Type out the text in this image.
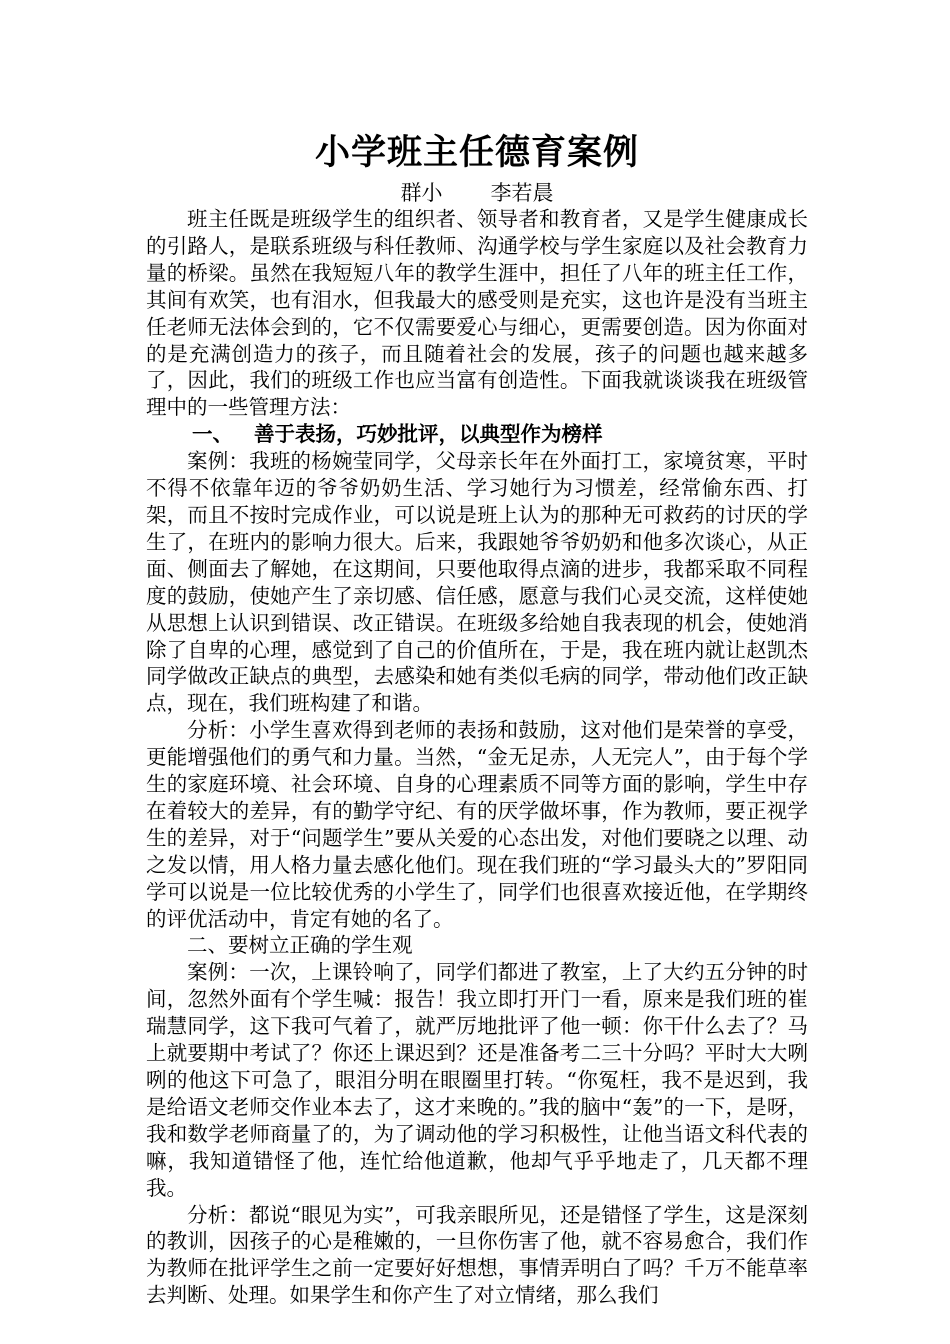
小学班主任德育案例

群小 李若晨

班主任既是班级学生的组织者、领导者和教育者，又是学生健康成长的引路人，是联系班级与科任教师、沟通学校与学生家庭以及社会教育力量的桥梁。虽然在我短短八年的教学生涯中，担任了八年的班主任工作，其间有欢笑，也有泪水，但我最大的感受则是充实，这也许是没有当班主任老师无法体会到的，它不仅需要爱心与细心，更需要创造。因为你面对的是充满创造力的孩子，而且随着社会的发展，孩子的问题也越来越多了，因此，我们的班级工作也应当富有创造性。下面我就谈谈我在班级管理中的一些管理方法：

一、 善于表扬，巧妙批评，以典型作为榜样

案例：我班的杨婉莹同学，父母亲长年在外面打工，家境贫寒，平时不得不依靠年迈的爷爷奶奶生活、学习她行为习惯差，经常偷东西、打架，而且不按时完成作业，可以说是班上认为的那种无可救药的讨厌的学生了，在班内的影响力很大。后来，我跟她爷爷奶奶和他多次谈心，从正面、侧面去了解她，在这期间，只要他取得点滴的进步，我都采取不同程度的鼓励，使她产生了亲切感、信任感，愿意与我们心灵交流，这样使她从思想上认识到错误、改正错误。在班级多给她自我表现的机会，使她消除了自卑的心理，感觉到了自己的价值所在，于是，我在班内就让赵凯杰同学做改正缺点的典型，去感染和她有类似毛病的同学，带动他们改正缺点，现在，我们班构建了和谐。

分析：小学生喜欢得到老师的表扬和鼓励，这对他们是荣誉的享受，更能增强他们的勇气和力量。当然，“金无足赤，人无完人”，由于每个学生的家庭环境、社会环境、自身的心理素质不同等方面的影响，学生中存在着较大的差异，有的勤学守纪、有的厌学做坏事，作为教师，要正视学生的差异，对于“问题学生”要从关爱的心态出发，对他们要晓之以理、动之发以情，用人格力量去感化他们。现在我们班的“学习最头大的”罗阳同学可以说是一位比较优秀的小学生了，同学们也很喜欢接近他，在学期终的评优活动中，肯定有她的名了。

二、要树立正确的学生观

案例：一次，上课铃响了，同学们都进了教室，上了大约五分钟的时间，忽然外面有个学生喊：报告！我立即打开门一看，原来是我们班的崔瑞慧同学，这下我可气着了，就严厉地批评了他一顿：你干什么去了？马上就要期中考试了？你还上课迟到？还是准备考二三十分吗？平时大大咧咧的他这下可急了，眼泪分明在眼圈里打转。“你冤枉，我不是迟到，我是给语文老师交作业本去了，这才来晚的。”我的脑中“轰”的一下，是呀，我和数学老师商量了的，为了调动他的学习积极性，让他当语文科代表的嘛，我知道错怪了他，连忙给他道歉，他却气乎乎地走了，几天都不理我。

分析：都说“眼见为实”，可我亲眼所见，还是错怪了学生，这是深刻的教训，因孩子的心是稚嫩的，一旦你伤害了他，就不容易愈合，我们作为教师在批评学生之前一定要好好想想，事情弄明白了吗？千万不能草率去判断、处理。如果学生和你产生了对立情绪，那么我们
